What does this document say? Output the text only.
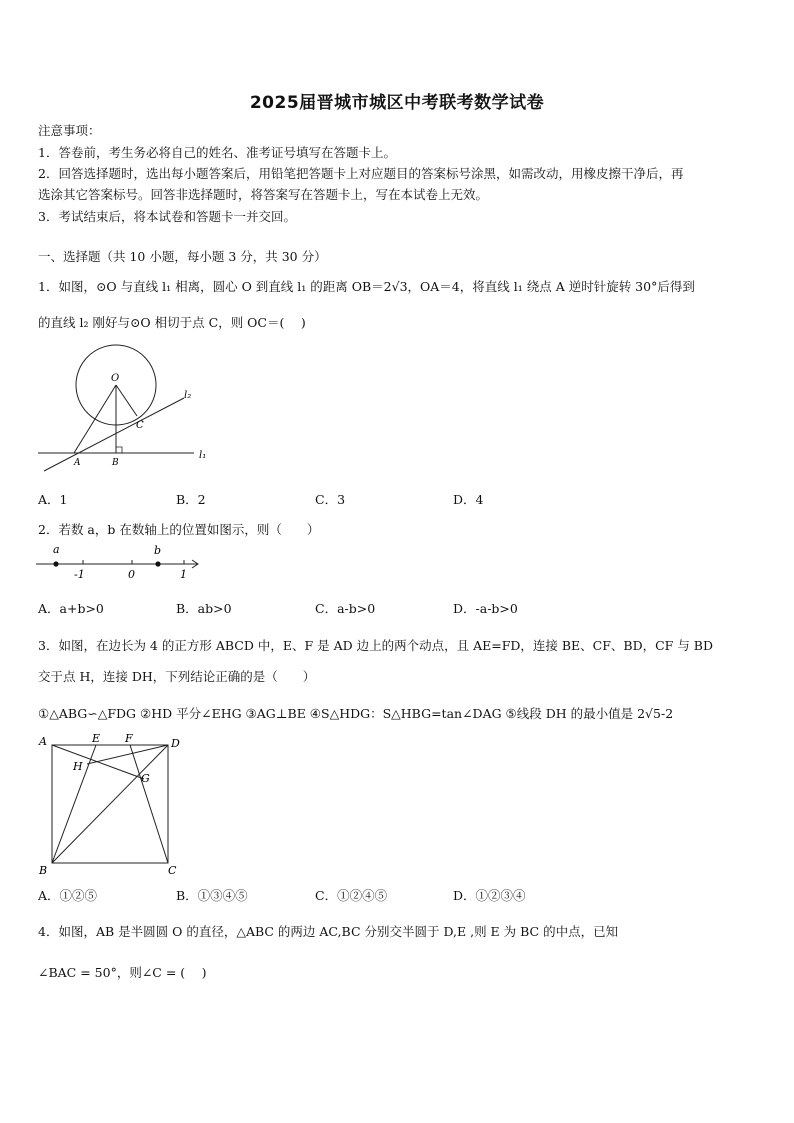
2025届晋城市城区中考联考数学试卷
注意事项：
1．答卷前，考生务必将自己的姓名、准考证号填写在答题卡上。
2．回答选择题时，选出每小题答案后，用铅笔把答题卡上对应题目的答案标号涂黑，如需改动，用橡皮擦干净后，再
选涂其它答案标号。回答非选择题时，将答案写在答题卡上，写在本试卷上无效。
3．考试结束后，将本试卷和答题卡一并交回。
一、选择题（共 10 小题，每小题 3 分，共 30 分）
1．如图，⊙O 与直线 l₁ 相离，圆心 O 到直线 l₁ 的距离 OB＝2√3，OA＝4，将直线 l₁ 绕点 A 逆时针旋转 30°后得到
的直线 l₂ 刚好与⊙O 相切于点 C，则 OC＝(　 )
O
C
A	B
l₂
l₁
A．1	B．2	C．3	D．4
2．若数 a，b 在数轴上的位置如图示，则（　　）
a	b
-1	0	1
A．a+b>0	B．ab>0	C．a-b>0	D．-a-b>0
3．如图，在边长为 4 的正方形 ABCD 中，E、F 是 AD 边上的两个动点，且 AE=FD，连接 BE、CF、BD，CF 与 BD
交于点 H，连接 DH，下列结论正确的是（　　）
①△ABG∽△FDG ②HD 平分∠EHG ③AG⊥BE ④S△HDG：S△HBG=tan∠DAG ⑤线段 DH 的最小值是 2√5-2
A	E F	D
H
G
B	C
A．①②⑤	B．①③④⑤	C．①②④⑤	D．①②③④
4．如图，AB 是半圆圆 O 的直径，△ABC 的两边 AC,BC 分别交半圆于 D,E ,则 E 为 BC 的中点，已知
∠BAC = 50°，则∠C = (　 )
